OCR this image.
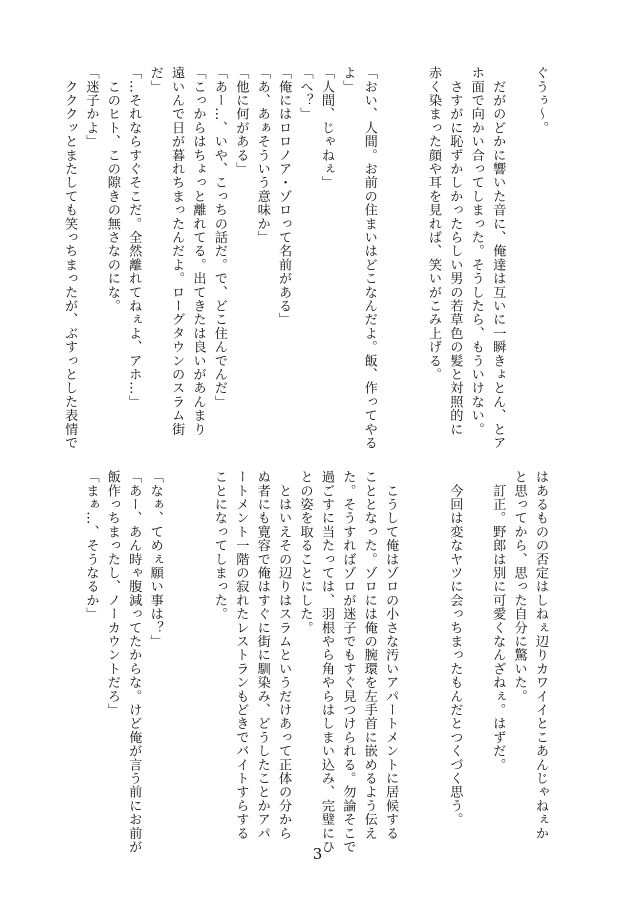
ぐうぅ〜。

　だがのどかに響いた音に、俺達は互いに一瞬きょとん、とア

ホ面で向かい合ってしまった。そうしたら、もういけない。

　さすがに恥ずかしかったらしい男の若草色の髪と対照的に

赤く染まった顔や耳を見れば、笑いがこみ上げる。

「おい、人間。お前の住まいはどこなんだよ。飯、作ってやる

よ」

「人間、じゃねぇ」

「へ？」

「俺にはロロノア・ゾロって名前がある」

「あ、あぁそういう意味か」

「他に何がある」

「あー…、いや、こっちの話だ。で、どこ住んでんだ」

「こっからはちょっと離れてる。出てきたは良いがあんまり

遠いんで日が暮れちまったんだよ。ローグタウンのスラム街

だ」

「…それならすぐそこだ。全然離れてねぇよ、アホ…」

　このヒト、この隙きの無さなのにな。

「迷子かよ」

　クククッとまたしても笑っちまったが、ぶすっとした表情で

はあるものの否定はしねぇ辺りカワイイとこあんじゃねぇか

と思ってから、思った自分に驚いた。

　訂正。野郎は別に可愛くなんざねぇ。はずだ。

　今回は変なヤツに会っちまったもんだとつくづく思う。

　こうして俺はゾロの小さな汚いアパートメントに居候する

こととなった。ゾロには俺の腕環を左手首に嵌めるよう伝え

た。そうすればゾロが迷子でもすぐ見つけられる。勿論そこで

過ごすに当たっては、羽根やら角やらはしまい込み、完璧にひ

との姿を取ることにした。

　とはいえその辺りはスラムというだけあって正体の分から

ぬ者にも寛容で俺はすぐに街に馴染み、どうしたことかアパ

ートメント一階の寂れたレストランもどきでバイトすらする

ことになってしまった。

「なぁ、てめぇ願い事は？」

「あー、あん時ゃ腹減ってたからな。けど俺が言う前にお前が

飯作っちまったし、ノーカウントだろ」

「まぁ…、そうなるか」

3
